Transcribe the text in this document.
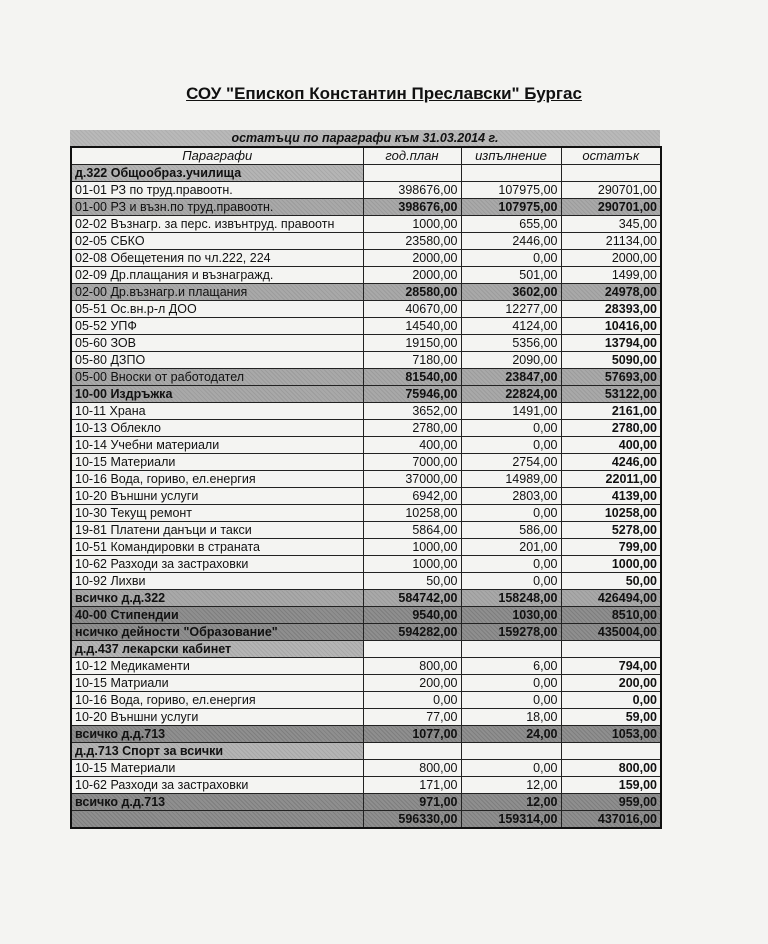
СОУ "Епископ Константин Преславски" Бургас
остатъци по параграфи към 31.03.2014 г.
Параграфи	год.план	изпълнение	остатък
д.322 Общообраз.училища			
01-01 РЗ по труд.правоотн.	398676,00	107975,00	290701,00
01-00 РЗ и възн.по труд.правоотн.	398676,00	107975,00	290701,00
02-02 Възнагр. за перс. извънтруд. правоотн	1000,00	655,00	345,00
02-05 СБКО	23580,00	2446,00	21134,00
02-08 Обещетения по чл.222, 224	2000,00	0,00	2000,00
02-09 Др.плащания и възнагражд.	2000,00	501,00	1499,00
02-00 Др.възнагр.и плащания	28580,00	3602,00	24978,00
05-51 Ос.вн.р-л ДОО	40670,00	12277,00	28393,00
05-52 УПФ	14540,00	4124,00	10416,00
05-60 ЗОВ	19150,00	5356,00	13794,00
05-80 ДЗПО	7180,00	2090,00	5090,00
05-00 Вноски от работодател	81540,00	23847,00	57693,00
10-00 Издръжка	75946,00	22824,00	53122,00
10-11 Храна	3652,00	1491,00	2161,00
10-13 Облекло	2780,00	0,00	2780,00
10-14 Учебни материали	400,00	0,00	400,00
10-15 Материали	7000,00	2754,00	4246,00
10-16 Вода, гориво, ел.енергия	37000,00	14989,00	22011,00
10-20 Външни услуги	6942,00	2803,00	4139,00
10-30 Текущ ремонт	10258,00	0,00	10258,00
19-81 Платени данъци и такси	5864,00	586,00	5278,00
10-51 Командировки в страната	1000,00	201,00	799,00
10-62 Разходи за застраховки	1000,00	0,00	1000,00
10-92 Лихви	50,00	0,00	50,00
всичко д.д.322	584742,00	158248,00	426494,00
40-00 Стипендии	9540,00	1030,00	8510,00
нсичко дейности "Образование"	594282,00	159278,00	435004,00
д.д.437 лекарски кабинет			
10-12 Медикаменти	800,00	6,00	794,00
10-15 Матриали	200,00	0,00	200,00
10-16 Вода, гориво, ел.енергия	0,00	0,00	0,00
10-20 Външни услуги	77,00	18,00	59,00
всичко д.д.713	1077,00	24,00	1053,00
д.д.713 Спорт за всички			
10-15 Материали	800,00	0,00	800,00
10-62 Разходи за застраховки	171,00	12,00	159,00
всичко д.д.713	971,00	12,00	959,00
	596330,00	159314,00	437016,00
